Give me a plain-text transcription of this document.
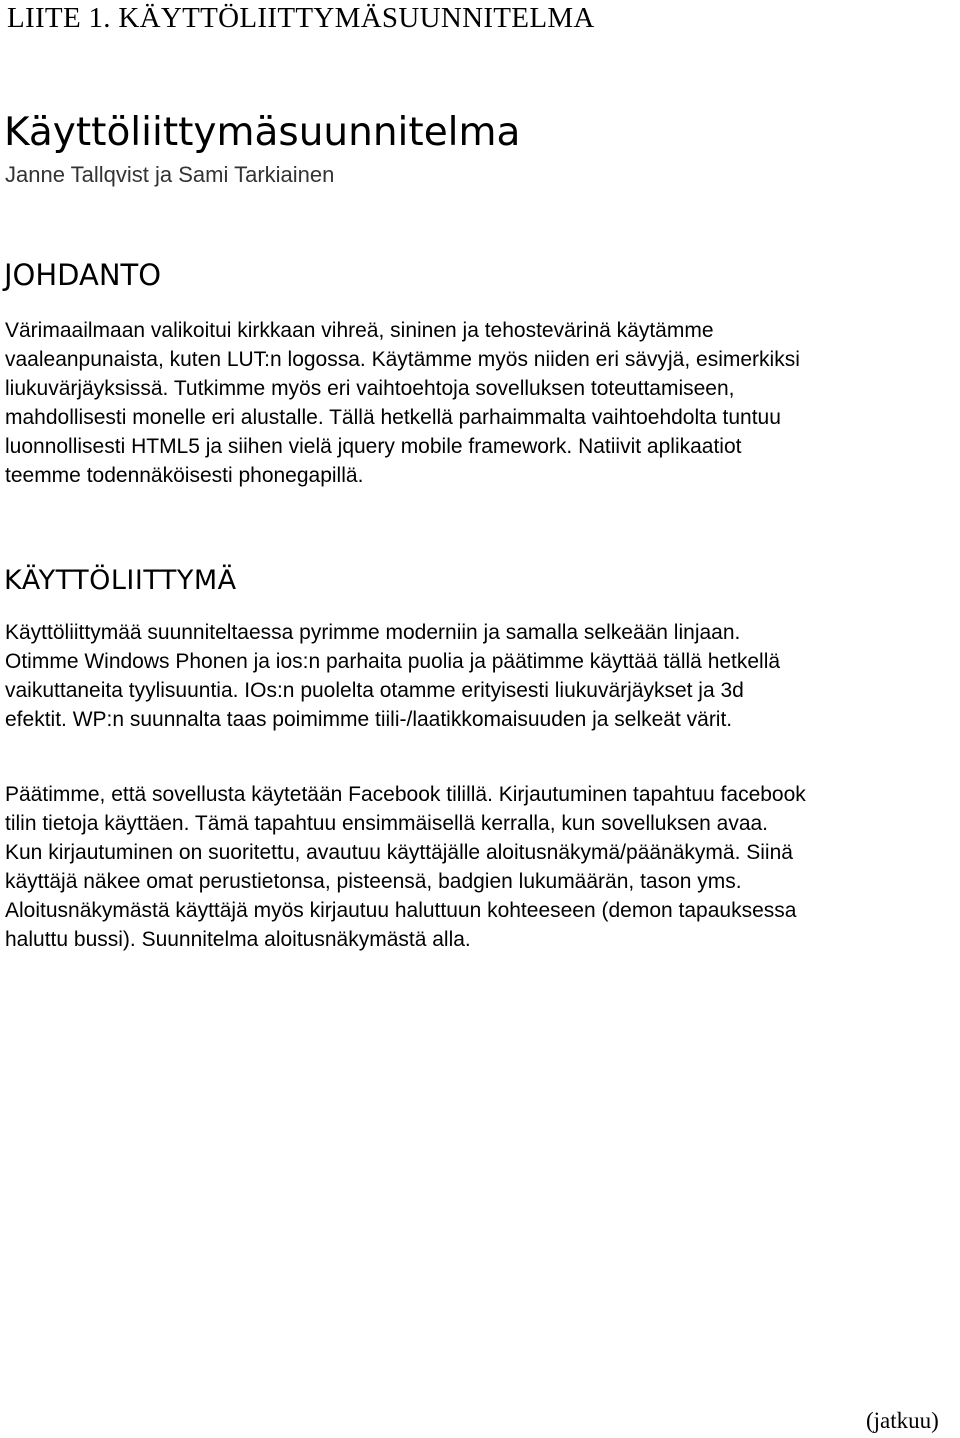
LIITE 1. KÄYTTÖLIITTYMÄSUUNNITELMA
Käyttöliittymäsuunnitelma

Janne Tallqvist ja Sami Tarkiainen

JOHDANTO

Värimaailmaan valikoitui kirkkaan vihreä, sininen ja tehostevärinä käytämme
vaaleanpunaista, kuten LUT:n logossa. Käytämme myös niiden eri sävyjä, esimerkiksi
liukuvärjäyksissä. Tutkimme myös eri vaihtoehtoja sovelluksen toteuttamiseen,
mahdollisesti monelle eri alustalle. Tällä hetkellä parhaimmalta vaihtoehdolta tuntuu
luonnollisesti HTML5 ja siihen vielä jquery mobile framework. Natiivit aplikaatiot
teemme todennäköisesti phonegapillä.

KÄYTTÖLIITTYMÄ

Käyttöliittymää suunniteltaessa pyrimme moderniin ja samalla selkeään linjaan.
Otimme Windows Phonen ja ios:n parhaita puolia ja päätimme käyttää tällä hetkellä
vaikuttaneita tyylisuuntia. IOs:n puolelta otamme erityisesti liukuvärjäykset ja 3d
efektit. WP:n suunnalta taas poimimme tiili-/laatikkomaisuuden ja selkeät värit.

Päätimme, että sovellusta käytetään Facebook tilillä. Kirjautuminen tapahtuu facebook
tilin tietoja käyttäen. Tämä tapahtuu ensimmäisellä kerralla, kun sovelluksen avaa.
Kun kirjautuminen on suoritettu, avautuu käyttäjälle aloitusnäkymä/päänäkymä. Siinä
käyttäjä näkee omat perustietonsa, pisteensä, badgien lukumäärän, tason yms.
Aloitusnäkymästä käyttäjä myös kirjautuu haluttuun kohteeseen (demon tapauksessa
haluttu bussi). Suunnitelma aloitusnäkymästä alla.

(jatkuu)
